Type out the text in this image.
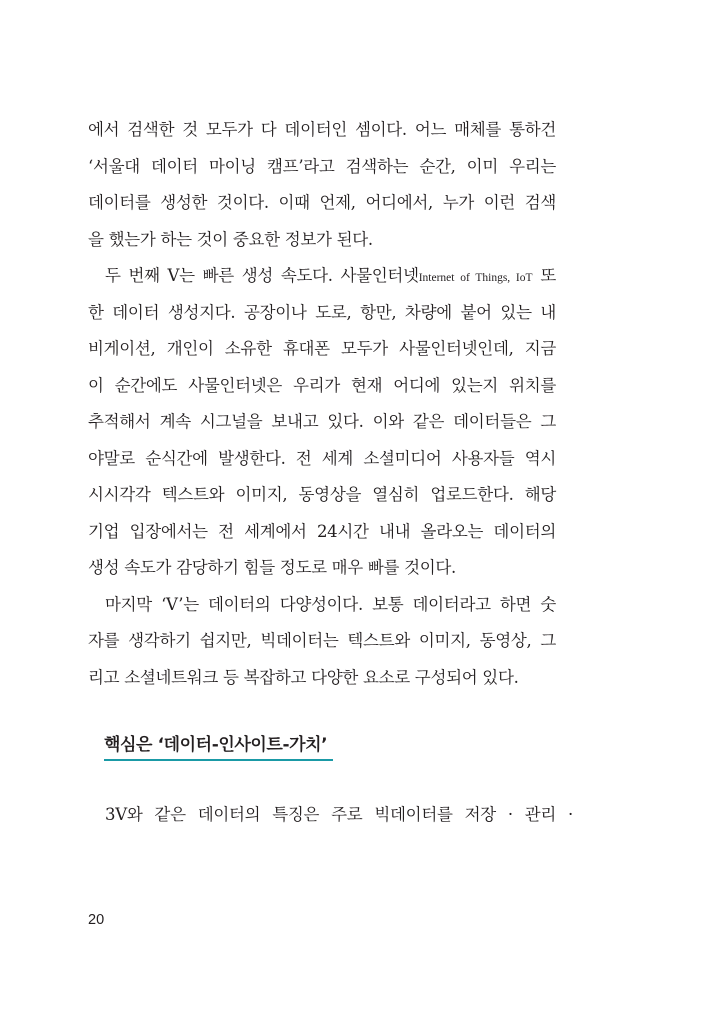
에서 검색한 것 모두가 다 데이터인 셈이다. 어느 매체를 통하건
‘서울대 데이터 마이닝 캠프’라고 검색하는 순간, 이미 우리는
데이터를 생성한 것이다. 이때 언제, 어디에서, 누가 이런 검색
을 했는가 하는 것이 중요한 정보가 된다.
두 번째 V는 빠른 생성 속도다. 사물인터넷Internet of Things, IoT 또
한 데이터 생성지다. 공장이나 도로, 항만, 차량에 붙어 있는 내
비게이션, 개인이 소유한 휴대폰 모두가 사물인터넷인데, 지금
이 순간에도 사물인터넷은 우리가 현재 어디에 있는지 위치를
추적해서 계속 시그널을 보내고 있다. 이와 같은 데이터들은 그
야말로 순식간에 발생한다. 전 세계 소셜미디어 사용자들 역시
시시각각 텍스트와 이미지, 동영상을 열심히 업로드한다. 해당
기업 입장에서는 전 세계에서 24시간 내내 올라오는 데이터의
생성 속도가 감당하기 힘들 정도로 매우 빠를 것이다.
마지막 ‘V’는 데이터의 다양성이다. 보통 데이터라고 하면 숫
자를 생각하기 쉽지만, 빅데이터는 텍스트와 이미지, 동영상, 그
리고 소셜네트워크 등 복잡하고 다양한 요소로 구성되어 있다.
핵심은 ‘데이터-인사이트-가치’
3V와 같은 데이터의 특징은 주로 빅데이터를 저장 · 관리 ·
20
